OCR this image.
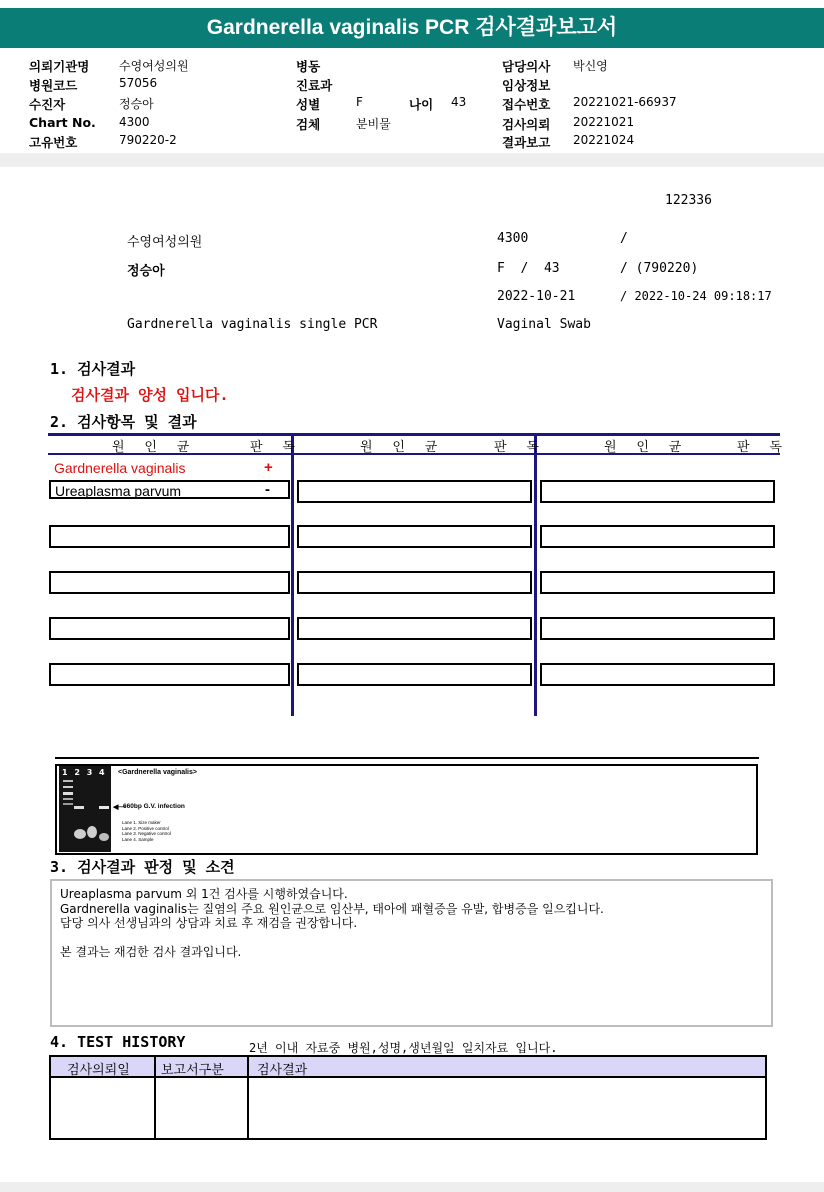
Gardnerella vaginalis PCR 검사결과보고서
의뢰기관명 수영여성의원
병원코드	57056
수진자	정승아
Chart No. 4300
고유번호	790220-2
병동
진료과
성별	F	나이 43
검체	분비물
담당의사 박신영
임상정보
접수번호 20221021-66937
검사의뢰 20221021
결과보고 20221024
122336
수영여성의원	4300	/
정승아	F  /  43	/ (790220)
2022-10-21	/ 2022-10-24 09:18:17
Gardnerella vaginalis single PCR	Vaginal Swab
1. 검사결과
검사결과 양성 입니다.
2. 검사항목 및 결과
원 인 균	판 독	원 인 균	판 독	원 인 균	판 독
Gardnerella vaginalis	+
Ureaplasma parvum	-
1 2 3 4 <Gardnerella vaginalis>
◀—
660bp G.V. infection
Lane 1. Size maker
Lane 2. Positive control
Lane 3. Negative control
Lane 4. Sample
3. 검사결과 판정 및 소견
Ureaplasma parvum 외 1건 검사를 시행하였습니다.
Gardnerella vaginalis는 질염의 주요 원인균으로 임산부, 태아에 패혈증을 유발, 합병증을 일으킵니다.
담당 의사 선생님과의 상담과 치료 후 재검을 권장합니다.
본 결과는 재검한 검사 결과입니다.
4. TEST HISTORY	2년 이내 자료중 병원,성명,생년월일 일치자료 입니다.
검사의뢰일 보고서구분	검사결과
